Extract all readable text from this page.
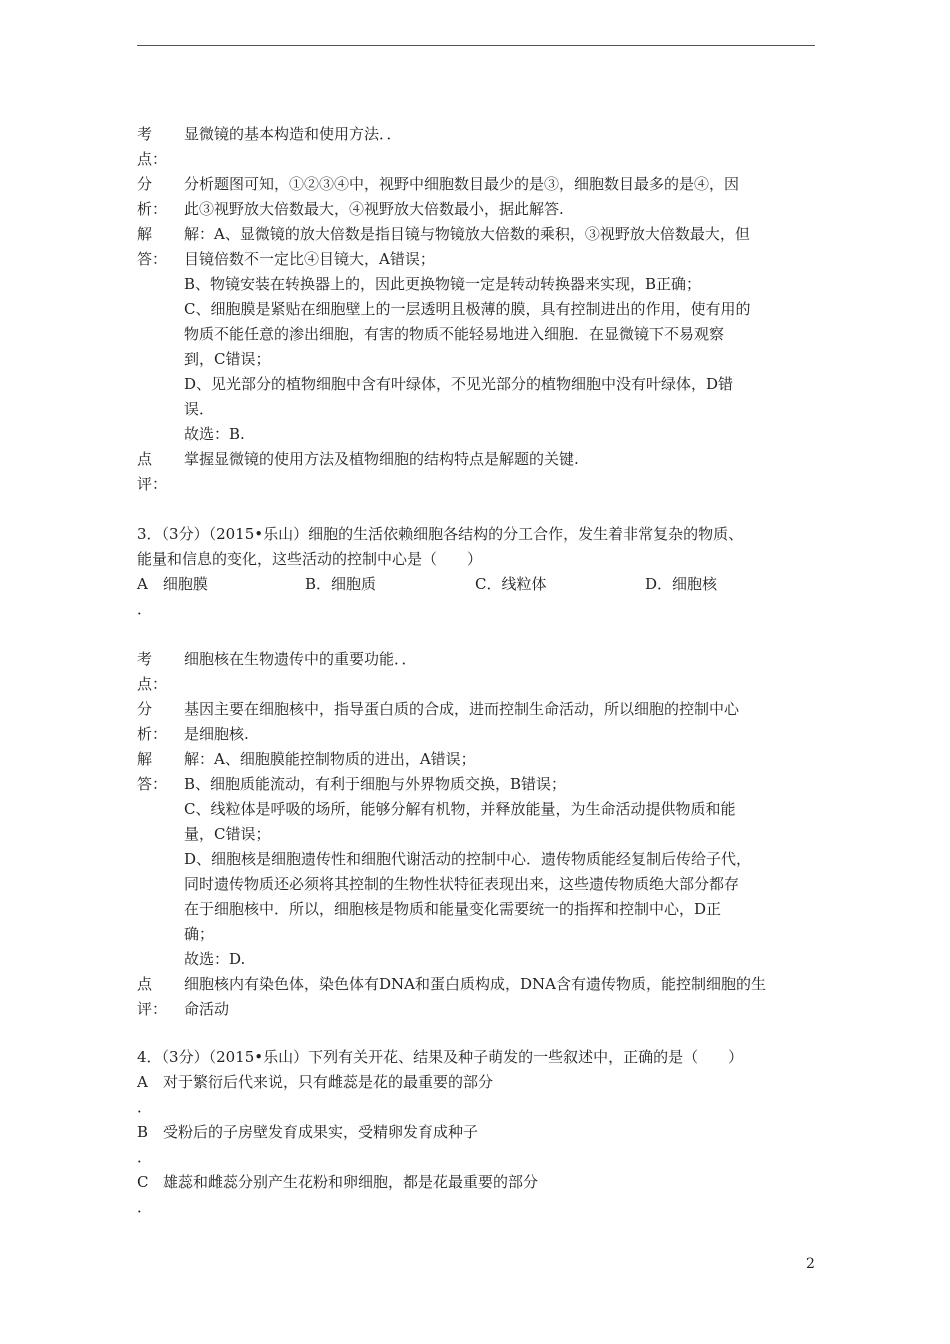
考 显微镜的基本构造和使用方法．．
点：
分 分析题图可知，①②③④中，视野中细胞数目最少的是③，细胞数目最多的是④，因
析： 此③视野放大倍数最大，④视野放大倍数最小，据此解答.
解 解：A、显微镜的放大倍数是指目镜与物镜放大倍数的乘积，③视野放大倍数最大，但
答： 目镜倍数不一定比④目镜大，A错误；
B、物镜安装在转换器上的，因此更换物镜一定是转动转换器来实现，B正确；
C、细胞膜是紧贴在细胞壁上的一层透明且极薄的膜，具有控制进出的作用，使有用的
物质不能任意的渗出细胞，有害的物质不能轻易地进入细胞．在显微镜下不易观察
到，C错误；
D、见光部分的植物细胞中含有叶绿体，不见光部分的植物细胞中没有叶绿体，D错
误．
故选：B.
点 掌握显微镜的使用方法及植物细胞的结构特点是解题的关键.
评：
3．（3分）（2015•乐山）细胞的生活依赖细胞各结构的分工合作，发生着非常复杂的物质、
能量和信息的变化，这些活动的控制中心是（　　）
A　细胞膜	B．细胞质	C．线粒体	D．细胞核
．
考 细胞核在生物遗传中的重要功能．．
点：
分 基因主要在细胞核中，指导蛋白质的合成，进而控制生命活动，所以细胞的控制中心
析： 是细胞核.
解 解：A、细胞膜能控制物质的进出，A错误；
答： B、细胞质能流动，有利于细胞与外界物质交换，B错误；
C、线粒体是呼吸的场所，能够分解有机物，并释放能量，为生命活动提供物质和能
量，C错误；
D、细胞核是细胞遗传性和细胞代谢活动的控制中心．遗传物质能经复制后传给子代，
同时遗传物质还必须将其控制的生物性状特征表现出来，这些遗传物质绝大部分都存
在于细胞核中．所以，细胞核是物质和能量变化需要统一的指挥和控制中心，D正
确；
故选：D.
点 细胞核内有染色体，染色体有DNA和蛋白质构成，DNA含有遗传物质，能控制细胞的生
评： 命活动
4．（3分）（2015•乐山）下列有关开花、结果及种子萌发的一些叙述中，正确的是（　　）
A 对于繁衍后代来说，只有雌蕊是花的最重要的部分
．
B 受粉后的子房壁发育成果实，受精卵发育成种子
．
C 雄蕊和雌蕊分别产生花粉和卵细胞，都是花最重要的部分
．
2
